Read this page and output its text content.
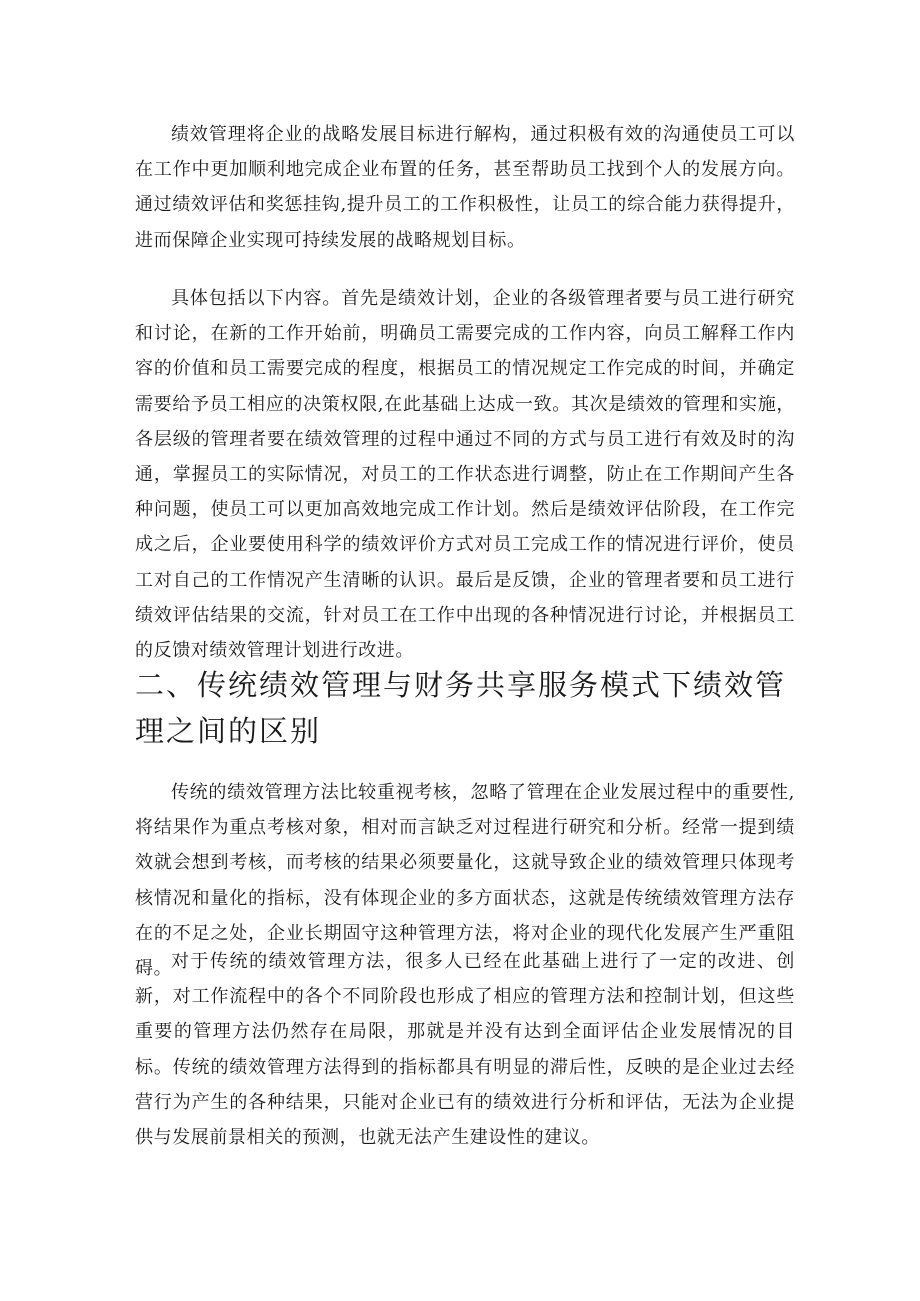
绩效管理将企业的战略发展目标进行解构，通过积极有效的沟通使员工可以在工作中更加顺利地完成企业布置的任务，甚至帮助员工找到个人的发展方向。通过绩效评估和奖惩挂钩,提升员工的工作积极性，让员工的综合能力获得提升，进而保障企业实现可持续发展的战略规划目标。

具体包括以下内容。首先是绩效计划，企业的各级管理者要与员工进行研究和讨论，在新的工作开始前，明确员工需要完成的工作内容，向员工解释工作内容的价值和员工需要完成的程度，根据员工的情况规定工作完成的时间，并确定需要给予员工相应的决策权限,在此基础上达成一致。其次是绩效的管理和实施，各层级的管理者要在绩效管理的过程中通过不同的方式与员工进行有效及时的沟通，掌握员工的实际情况，对员工的工作状态进行调整，防止在工作期间产生各种问题，使员工可以更加高效地完成工作计划。然后是绩效评估阶段，在工作完成之后，企业要使用科学的绩效评价方式对员工完成工作的情况进行评价，使员工对自己的工作情况产生清晰的认识。最后是反馈，企业的管理者要和员工进行绩效评估结果的交流，针对员工在工作中出现的各种情况进行讨论，并根据员工的反馈对绩效管理计划进行改进。

二、传统绩效管理与财务共享服务模式下绩效管理之间的区别

传统的绩效管理方法比较重视考核，忽略了管理在企业发展过程中的重要性,将结果作为重点考核对象，相对而言缺乏对过程进行研究和分析。经常一提到绩效就会想到考核，而考核的结果必须要量化，这就导致企业的绩效管理只体现考核情况和量化的指标，没有体现企业的多方面状态，这就是传统绩效管理方法存在的不足之处，企业长期固守这种管理方法，将对企业的现代化发展产生严重阻碍。

对于传统的绩效管理方法，很多人已经在此基础上进行了一定的改进、创新，对工作流程中的各个不同阶段也形成了相应的管理方法和控制计划，但这些重要的管理方法仍然存在局限，那就是并没有达到全面评估企业发展情况的目标。传统的绩效管理方法得到的指标都具有明显的滞后性，反映的是企业过去经营行为产生的各种结果，只能对企业已有的绩效进行分析和评估，无法为企业提供与发展前景相关的预测，也就无法产生建设性的建议。
